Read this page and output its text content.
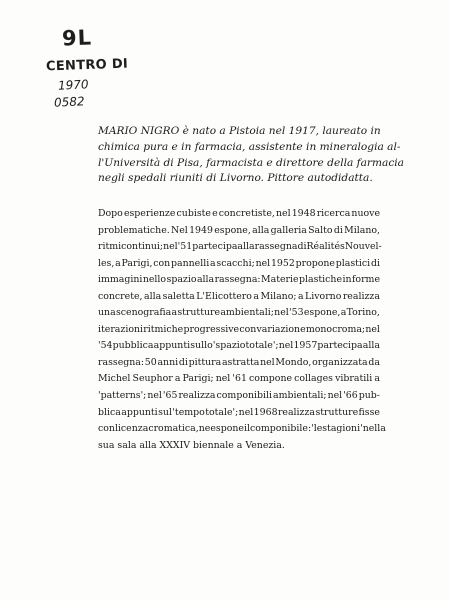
9L
CENTRO DI
1970
0582

MARIO NIGRO è nato a Pistoia nel 1917, laureato in
chimica pura e in farmacia, assistente in mineralogia al-
l'Università di Pisa, farmacista e direttore della farmacia
negli spedali riuniti di Livorno. Pittore autodidatta.

Dopo esperienze cubiste e concretiste, nel 1948 ricerca nuove
problematiche. Nel 1949 espone, alla galleria Salto di Milano,
ritmi continui; nel '51 partecipa alla rassegna di Réalités Nouvel-
les, a Parigi, con pannelli a scacchi; nel 1952 propone plastici di
immagini nello spazio alla rassegna: Materie plastiche in forme
concrete, alla saletta L'Elicottero a Milano; a Livorno realizza
una scenografia a strutture ambientali; nel '53 espone, a Torino,
iterazioni ritmiche progressive con variazione monocroma; nel
'54 pubblica appunti sullo 'spazio totale'; nel 1957 partecipa alla
rassegna: 50 anni di pittura astratta nel Mondo, organizzata da
Michel Seuphor a Parigi; nel '61 compone collages vibratili a
'patterns'; nel '65 realizza componibili ambientali; nel '66 pub-
blica appunti sul 'tempo totale'; nel 1968 realizza strutture fisse
con licenza cromatica, ne espone il componibile: 'le stagioni' nella
sua sala alla XXXIV biennale a Venezia.
